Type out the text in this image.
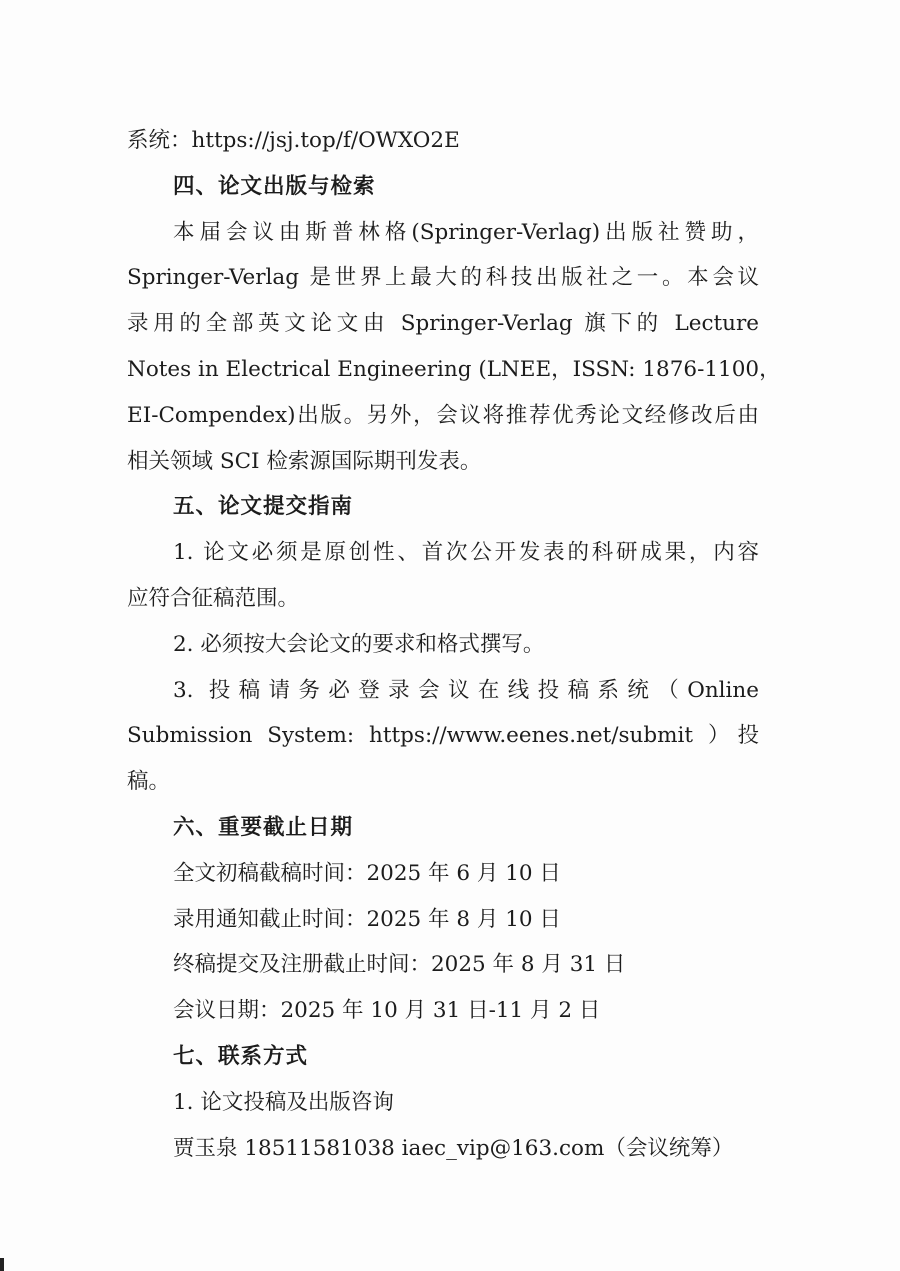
系统：https://jsj.top/f/OWXO2E
四、论文出版与检索
本届会议由斯普林格(Springer-Verlag)出版社赞助，
Springer-Verlag 是世界上最大的科技出版社之一。本会议
录用的全部英文论文由 Springer-Verlag 旗下的 Lecture
Notes in Electrical Engineering (LNEE，ISSN: 1876-1100，
EI-Compendex)出版。另外，会议将推荐优秀论文经修改后由
相关领域 SCI 检索源国际期刊发表。
五、论文提交指南
1. 论文必须是原创性、首次公开发表的科研成果，内容
应符合征稿范围。
2. 必须按大会论文的要求和格式撰写。
3. 投稿请务必登录会议在线投稿系统（Online
Submission System: https://www.eenes.net/submit ）投
稿。
六、重要截止日期
全文初稿截稿时间：2025 年 6 月 10 日
录用通知截止时间：2025 年 8 月 10 日
终稿提交及注册截止时间：2025 年 8 月 31 日
会议日期：2025 年 10 月 31 日-11 月 2 日
七、联系方式
1. 论文投稿及出版咨询
贾玉泉 18511581038 iaec_vip@163.com（会议统筹）
